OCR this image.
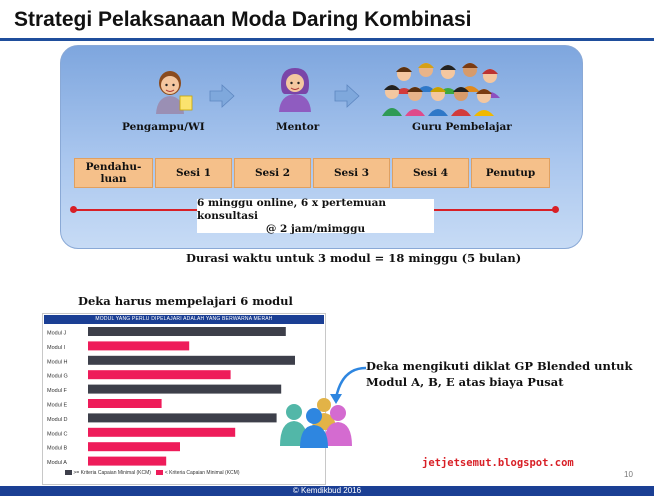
Strategi Pelaksanaan Moda Daring Kombinasi
Pengampu/WI	Mentor	Guru Pembelajar
Pendahu-luan	Sesi 1	Sesi 2	Sesi 3	Sesi 4	Penutup
6 minggu online, 6 x pertemuan konsultasi
@ 2 jam/mimggu
Durasi waktu untuk 3 modul = 18 minggu (5 bulan)
Deka harus mempelajari 6 modul
MODUL YANG PERLU DIPELAJARI ADALAH YANG BERWARNA MERAH
Modul J
Modul I
Modul H
Modul G
Modul F
Modul E
Modul D
Modul C
Modul B
Modul A
>= Kriteria Capaian Minimal (KCM)	< Kriteria Capaian Minimal (KCM)
Deka mengikuti diklat GP Blended untuk
Modul A, B, E atas biaya Pusat
jetjetsemut.blogspot.com
10
© Kemdikbud 2016
